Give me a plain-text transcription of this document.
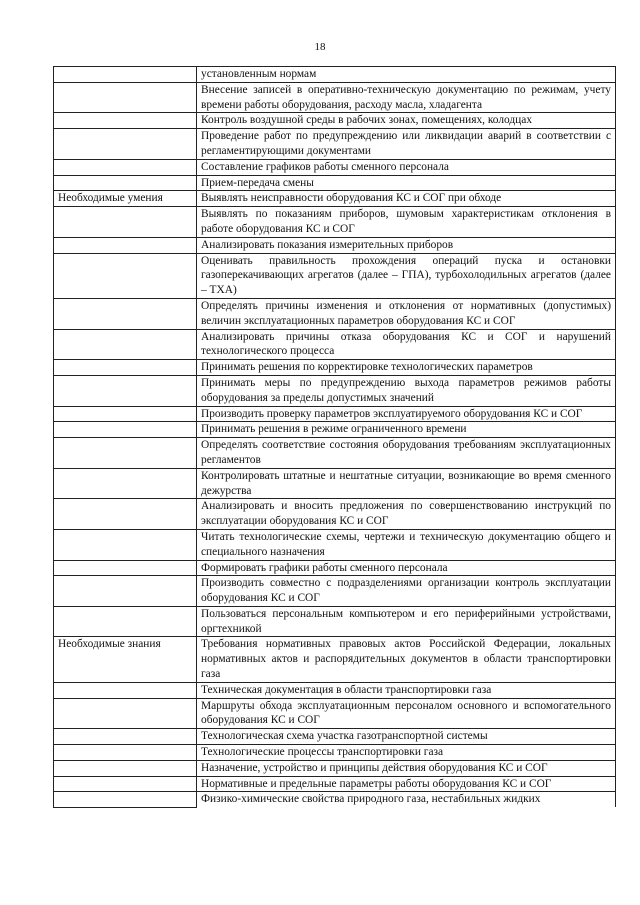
18
	установленным нормам
	Внесение записей в оперативно-техническую документацию по режимам, учету времени работы оборудования, расходу масла, хладагента
	Контроль воздушной среды в рабочих зонах, помещениях, колодцах
	Проведение работ по предупреждению или ликвидации аварий в соответствии с регламентирующими документами
	Составление графиков работы сменного персонала
	Прием-передача смены
Необходимые умения	Выявлять неисправности оборудования КС и СОГ при обходе
	Выявлять по показаниям приборов, шумовым характеристикам отклонения в работе оборудования КС и СОГ
	Анализировать показания измерительных приборов
	Оценивать правильность прохождения операций пуска и остановки газоперекачивающих агрегатов (далее – ГПА), турбохолодильных агрегатов (далее – ТХА)
	Определять причины изменения и отклонения от нормативных (допустимых) величин эксплуатационных параметров оборудования КС и СОГ
	Анализировать причины отказа оборудования КС и СОГ и нарушений технологического процесса
	Принимать решения по корректировке технологических параметров
	Принимать меры по предупреждению выхода параметров режимов работы оборудования за пределы допустимых значений
	Производить проверку параметров эксплуатируемого оборудования КС и СОГ
	Принимать решения в режиме ограниченного времени
	Определять соответствие состояния оборудования требованиям эксплуатационных регламентов
	Контролировать штатные и нештатные ситуации, возникающие во время сменного дежурства
	Анализировать и вносить предложения по совершенствованию инструкций по эксплуатации оборудования КС и СОГ
	Читать технологические схемы, чертежи и техническую документацию общего и специального назначения
	Формировать графики работы сменного персонала
	Производить совместно с подразделениями организации контроль эксплуатации оборудования КС и СОГ
	Пользоваться персональным компьютером и его периферийными устройствами, оргтехникой
Необходимые знания	Требования нормативных правовых актов Российской Федерации, локальных нормативных актов и распорядительных документов в области транспортировки газа
	Техническая документация в области транспортировки газа
	Маршруты обхода эксплуатационным персоналом основного и вспомогательного оборудования КС и СОГ
	Технологическая схема участка газотранспортной системы
	Технологические процессы транспортировки газа
	Назначение, устройство и принципы действия оборудования КС и СОГ
	Нормативные и предельные параметры работы оборудования КС и СОГ
	Физико-химические свойства природного газа, нестабильных жидких
